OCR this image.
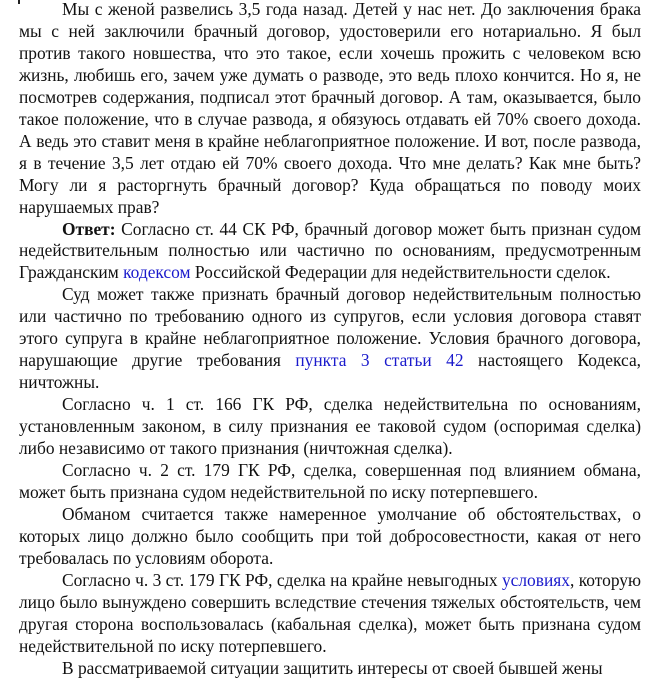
Мы с женой развелись 3,5 года назад. Детей у нас нет. До заключения брака мы с ней заключили брачный договор, удостоверили его нотариально. Я был против такого новшества, что это такое, если хочешь прожить с человеком всю жизнь, любишь его, зачем уже думать о разводе, это ведь плохо кончится. Но я, не посмотрев содержания, подписал этот брачный договор. А там, оказывается, было такое положение, что в случае развода, я обязуюсь отдавать ей 70% своего дохода. А ведь это ставит меня в крайне неблагоприятное положение. И вот, после развода, я в течение 3,5 лет отдаю ей 70% своего дохода. Что мне делать? Как мне быть? Могу ли я расторгнуть брачный договор? Куда обращаться по поводу моих нарушаемых прав?

Ответ: Согласно ст. 44 СК РФ, брачный договор может быть признан судом недействительным полностью или частично по основаниям, предусмотренным Гражданским кодексом Российской Федерации для недействительности сделок.

Суд может также признать брачный договор недействительным полностью или частично по требованию одного из супругов, если условия договора ставят этого супруга в крайне неблагоприятное положение. Условия брачного договора, нарушающие другие требования пункта 3 статьи 42 настоящего Кодекса, ничтожны.

Согласно ч. 1 ст. 166 ГК РФ, сделка недействительна по основаниям, установленным законом, в силу признания ее таковой судом (оспоримая сделка) либо независимо от такого признания (ничтожная сделка).

Согласно ч. 2 ст. 179 ГК РФ, сделка, совершенная под влиянием обмана, может быть признана судом недействительной по иску потерпевшего.

Обманом считается также намеренное умолчание об обстоятельствах, о которых лицо должно было сообщить при той добросовестности, какая от него требовалась по условиям оборота.

Согласно ч. 3 ст. 179 ГК РФ, сделка на крайне невыгодных условиях, которую лицо было вынуждено совершить вследствие стечения тяжелых обстоятельств, чем другая сторона воспользовалась (кабальная сделка), может быть признана судом недействительной по иску потерпевшего.

В рассматриваемой ситуации защитить интересы от своей бывшей жены
